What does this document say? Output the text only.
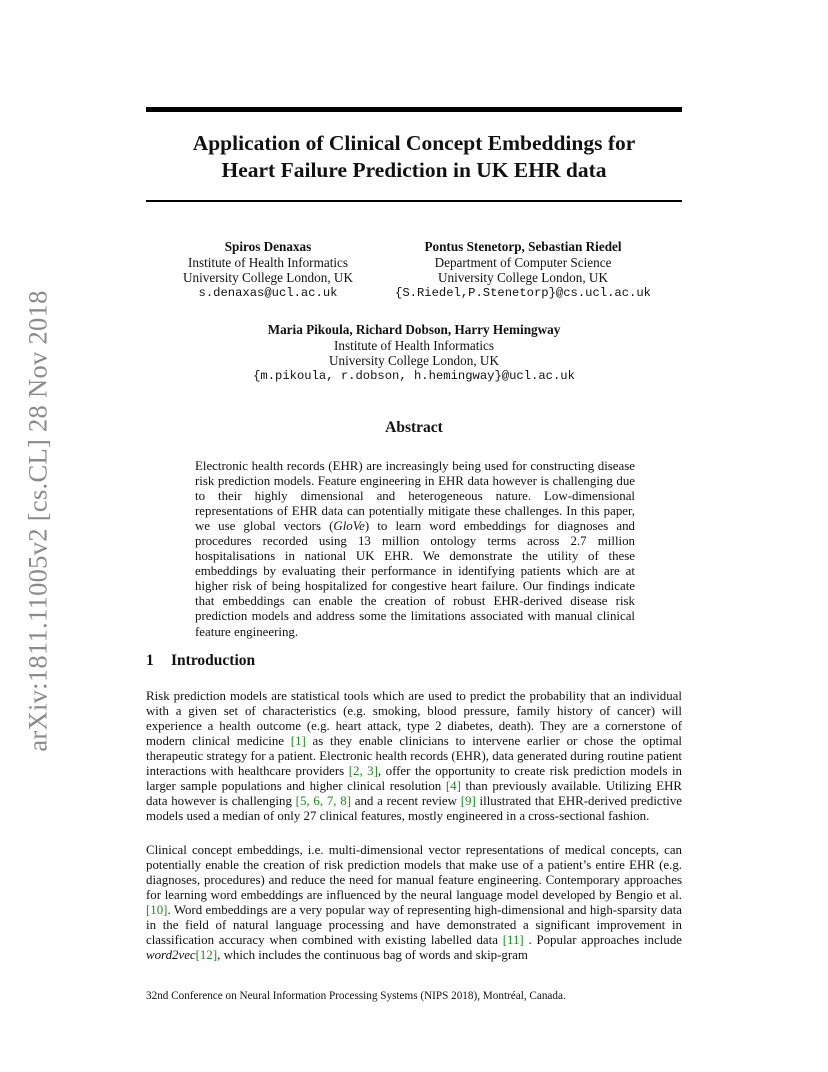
arXiv:1811.11005v2 [cs.CL] 28 Nov 2018
Application of Clinical Concept Embeddings for
Heart Failure Prediction in UK EHR data
Spiros Denaxas
Institute of Health Informatics
University College London, UK
s.denaxas@ucl.ac.uk
Pontus Stenetorp, Sebastian Riedel
Department of Computer Science
University College London, UK
{S.Riedel,P.Stenetorp}@cs.ucl.ac.uk
Maria Pikoula, Richard Dobson, Harry Hemingway
Institute of Health Informatics
University College London, UK
{m.pikoula, r.dobson, h.hemingway}@ucl.ac.uk
Abstract

Electronic health records (EHR) are increasingly being used for constructing disease risk prediction models. Feature engineering in EHR data however is challenging due to their highly dimensional and heterogeneous nature. Low-dimensional representations of EHR data can potentially mitigate these challenges. In this paper, we use global vectors (GloVe) to learn word embeddings for diagnoses and procedures recorded using 13 million ontology terms across 2.7 million hospitalisations in national UK EHR. We demonstrate the utility of these embeddings by evaluating their performance in identifying patients which are at higher risk of being hospitalized for congestive heart failure. Our findings indicate that embeddings can enable the creation of robust EHR-derived disease risk prediction models and address some the limitations associated with manual clinical feature engineering.

1 Introduction

Risk prediction models are statistical tools which are used to predict the probability that an individual with a given set of characteristics (e.g. smoking, blood pressure, family history of cancer) will experience a health outcome (e.g. heart attack, type 2 diabetes, death). They are a cornerstone of modern clinical medicine [1] as they enable clinicians to intervene earlier or chose the optimal therapeutic strategy for a patient. Electronic health records (EHR), data generated during routine patient interactions with healthcare providers [2, 3], offer the opportunity to create risk prediction models in larger sample populations and higher clinical resolution [4] than previously available. Utilizing EHR data however is challenging [5, 6, 7, 8] and a recent review [9] illustrated that EHR-derived predictive models used a median of only 27 clinical features, mostly engineered in a cross-sectional fashion.

Clinical concept embeddings, i.e. multi-dimensional vector representations of medical concepts, can potentially enable the creation of risk prediction models that make use of a patient’s entire EHR (e.g. diagnoses, procedures) and reduce the need for manual feature engineering. Contemporary approaches for learning word embeddings are influenced by the neural language model developed by Bengio et al. [10]. Word embeddings are a very popular way of representing high-dimensional and high-sparsity data in the field of natural language processing and have demonstrated a significant improvement in classification accuracy when combined with existing labelled data [11] . Popular approaches include word2vec[12], which includes the continuous bag of words and skip-gram

32nd Conference on Neural Information Processing Systems (NIPS 2018), Montréal, Canada.
